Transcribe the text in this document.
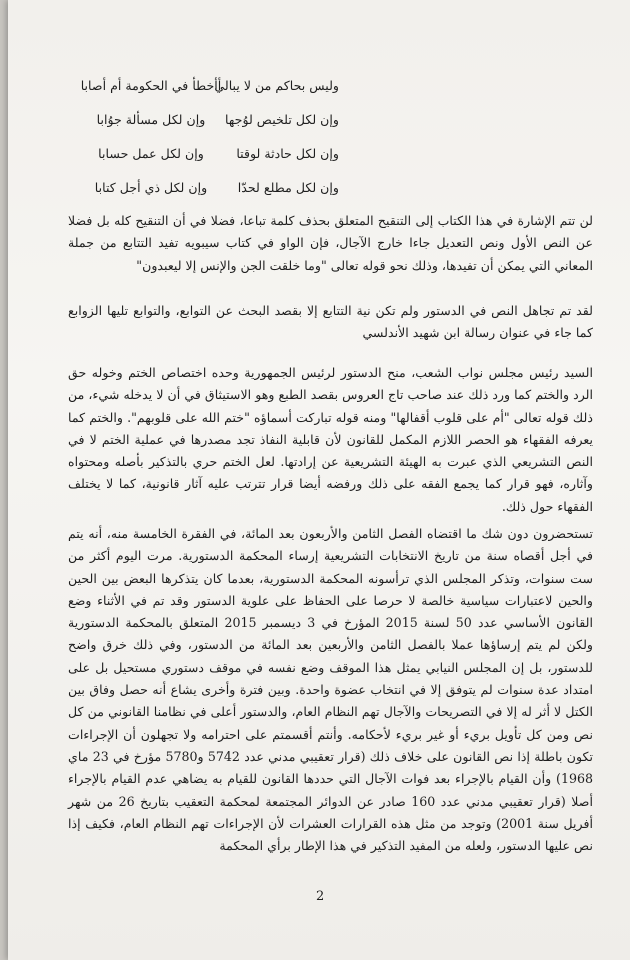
وليس بحاكم من لا يبالي

أأخطأ في الحكومة أم أصابا

وإن لكل تلخيص لوُجها

وإن لكل مسألة جوُابا

وإن لكل حادثة لوقتا

وإن لكل عمل حسابا

وإن لكل مطلع لحدّا

وإن لكل ذي أجل كتابا

لن تتم الإشارة في هذا الكتاب إلى التنقيح المتعلق بحذف كلمة تباعا، فضلا في أن التنقيح كله بل فضلا عن النص الأول ونص التعديل جاءا خارج الآجال، فإن الواو في كتاب سيبويه تفيد التتابع من جملة المعاني التي يمكن أن تفيدها، وذلك نحو قوله تعالى "وما خلقت الجن والإنس إلا ليعبدون"

لقد تم تجاهل النص في الدستور ولم تكن نية التتابع إلا بقصد البحث عن التوابع، والتوابع تليها الزوابع كما جاء في عنوان رسالة ابن شهيد الأندلسي

السيد رئيس مجلس نواب الشعب، منح الدستور لرئيس الجمهورية وحده اختصاص الختم وخوله حق الرد والختم كما ورد ذلك عند صاحب تاج العروس بقصد الطبع وهو الاستيثاق في أن لا يدخله شيء، من ذلك قوله تعالى "أم على قلوب أقفالها" ومنه قوله تباركت أسماؤه "ختم الله على قلوبهم". والختم كما يعرفه الفقهاء هو الحصر اللازم المكمل للقانون لأن قابلية النفاذ تجد مصدرها في عملية الختم لا في النص التشريعي الذي عبرت به الهيئة التشريعية عن إرادتها. لعل الختم حري بالتذكير بأصله ومحتواه وآثاره، فهو قرار كما يجمع الفقه على ذلك ورفضه أيضا قرار تترتب عليه آثار قانونية، كما لا يختلف الفقهاء حول ذلك.

تستحضرون دون شك ما اقتضاه الفصل الثامن والأربعون بعد المائة، في الفقرة الخامسة منه، أنه يتم في أجل أقصاه سنة من تاريخ الانتخابات التشريعية إرساء المحكمة الدستورية. مرت اليوم أكثر من ست سنوات، وتذكر المجلس الذي ترأسونه المحكمة الدستورية، بعدما كان يتذكرها البعض بين الحين والحين لاعتبارات سياسية خالصة لا حرصا على الحفاظ على علوية الدستور وقد تم في الأثناء وضع القانون الأساسي عدد 50 لسنة 2015 المؤرخ في 3 ديسمبر 2015 المتعلق بالمحكمة الدستورية ولكن لم يتم إرساؤها عملا بالفصل الثامن والأربعين بعد المائة من الدستور، وفي ذلك خرق واضح للدستور، بل إن المجلس النيابي يمثل هذا الموقف وضع نفسه في موقف دستوري مستحيل بل على امتداد عدة سنوات لم يتوفق إلا في انتخاب عضوة واحدة. وبين فترة وأخرى يشاع أنه حصل وفاق بين الكتل لا أثر له إلا في التصريحات والآجال تهم النظام العام، والدستور أعلى في نظامنا القانوني من كل نص ومن كل تأويل بريء أو غير بريء لأحكامه. وأنتم أقسمتم على احترامه ولا تجهلون أن الإجراءات تكون باطلة إذا نص القانون على خلاف ذلك (قرار تعقيبي مدني عدد 5742 و5780 مؤرخ في 23 ماي 1968) وأن القيام بالإجراء بعد فوات الآجال التي حددها القانون للقيام به يضاهي عدم القيام بالإجراء أصلا (قرار تعقيبي مدني عدد 160 صادر عن الدوائر المجتمعة لمحكمة التعقيب بتاريخ 26 من شهر أفريل سنة 2001) وتوجد من مثل هذه القرارات العشرات لأن الإجراءات تهم النظام العام، فكيف إذا نص عليها الدستور، ولعله من المفيد التذكير في هذا الإطار برأي المحكمة

2
